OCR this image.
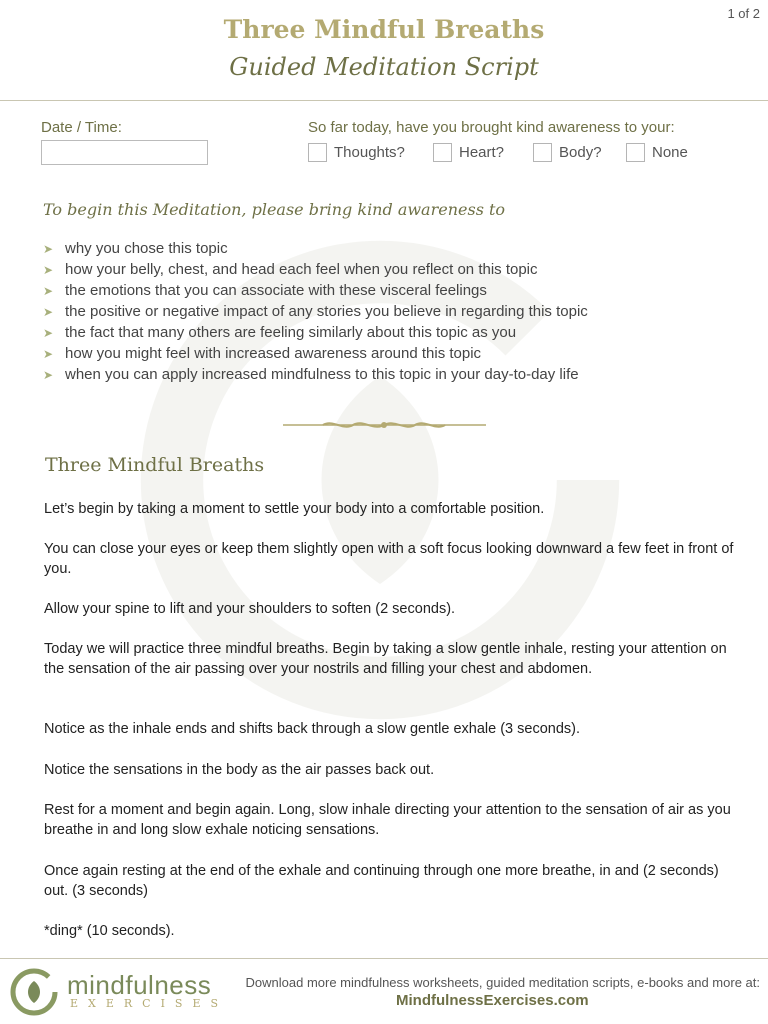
1 of 2
Three Mindful Breaths
Guided Meditation Script
Date / Time:	So far today, have you brought kind awareness to your:
Thoughts?	Heart?	Body?	None
To begin this Meditation, please bring kind awareness to
➤ why you chose this topic
➤ how your belly, chest, and head each feel when you reflect on this topic
➤ the emotions that you can associate with these visceral feelings
➤ the positive or negative impact of any stories you believe in regarding this topic
➤ the fact that many others are feeling similarly about this topic as you
➤ how you might feel with increased awareness around this topic
➤ when you can apply increased mindfulness to this topic in your day-to-day life
Three Mindful Breaths

Let’s begin by taking a moment to settle your body into a comfortable position.

You can close your eyes or keep them slightly open with a soft focus looking downward a few feet in front of you.

Allow your spine to lift and your shoulders to soften (2 seconds).

Today we will practice three mindful breaths. Begin by taking a slow gentle inhale, resting your attention on the sensation of the air passing over your nostrils and filling your chest and abdomen.

Notice as the inhale ends and shifts back through a slow gentle exhale (3 seconds).

Notice the sensations in the body as the air passes back out.

Rest for a moment and begin again. Long, slow inhale directing your attention to the sensation of air as you breathe in and long slow exhale noticing sensations.

Once again resting at the end of the exhale and continuing through one more breathe, in and (2 seconds) out. (3 seconds)

*ding* (10 seconds).

mindfulness
EXERCISES
Download more mindfulness worksheets, guided meditation scripts, e-books and more at:
MindfulnessExercises.com
